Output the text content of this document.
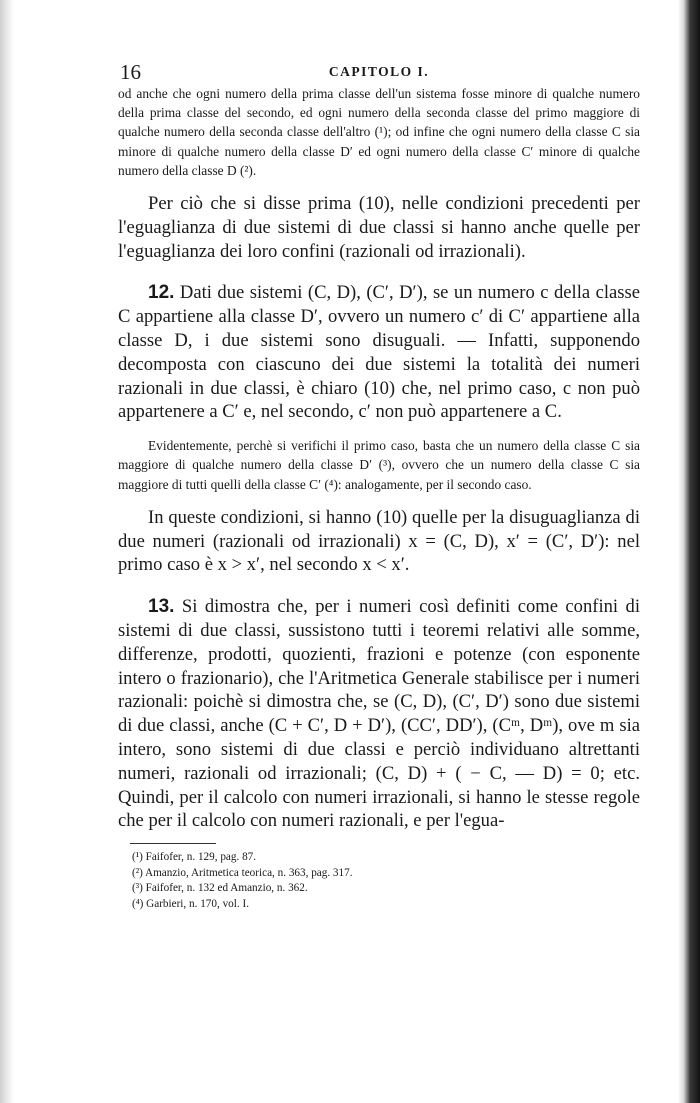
16	CAPITOLO I.

od anche che ogni numero della prima classe dell'un sistema fosse minore di qualche numero della prima classe del secondo, ed ogni numero della seconda classe del primo maggiore di qualche numero della seconda classe dell'altro (¹); od infine che ogni numero della classe C sia minore di qualche numero della classe D′ ed ogni numero della classe C′ minore di qualche numero della classe D (²).

Per ciò che si disse prima (10), nelle condizioni precedenti per l'eguaglianza di due sistemi di due classi si hanno anche quelle per l'eguaglianza dei loro confini (razionali od irrazionali).

12. Dati due sistemi (C, D), (C′, D′), se un numero c della classe C appartiene alla classe D′, ovvero un numero c′ di C′ appartiene alla classe D, i due sistemi sono disuguali. — Infatti, supponendo decomposta con ciascuno dei due sistemi la totalità dei numeri razionali in due classi, è chiaro (10) che, nel primo caso, c non può appartenere a C′ e, nel secondo, c′ non può appartenere a C.

Evidentemente, perchè si verifichi il primo caso, basta che un numero della classe C sia maggiore di qualche numero della classe D′ (³), ovvero che un numero della classe C sia maggiore di tutti quelli della classe C′ (⁴): analogamente, per il secondo caso.

In queste condizioni, si hanno (10) quelle per la disuguaglianza di due numeri (razionali od irrazionali) x = (C, D), x′ = (C′, D′): nel primo caso è x > x′, nel secondo x < x′.

13. Si dimostra che, per i numeri così definiti come confini di sistemi di due classi, sussistono tutti i teoremi relativi alle somme, differenze, prodotti, quozienti, frazioni e potenze (con esponente intero o frazionario), che l'Aritmetica Generale stabilisce per i numeri razionali: poichè si dimostra che, se (C, D), (C′, D′) sono due sistemi di due classi, anche (C + C′, D + D′), (CC′, DD′), (Cᵐ, Dᵐ), ove m sia intero, sono sistemi di due classi e perciò individuano altrettanti numeri, razionali od irrazionali; (C, D) + ( − C, — D) = 0; etc. Quindi, per il calcolo con numeri irrazionali, si hanno le stesse regole che per il calcolo con numeri razionali, e per l'egua-

(¹) Faifofer, n. 129, pag. 87.

(²) Amanzio, Aritmetica teorica, n. 363, pag. 317.

(³) Faifofer, n. 132 ed Amanzio, n. 362.

(⁴) Garbieri, n. 170, vol. I.
